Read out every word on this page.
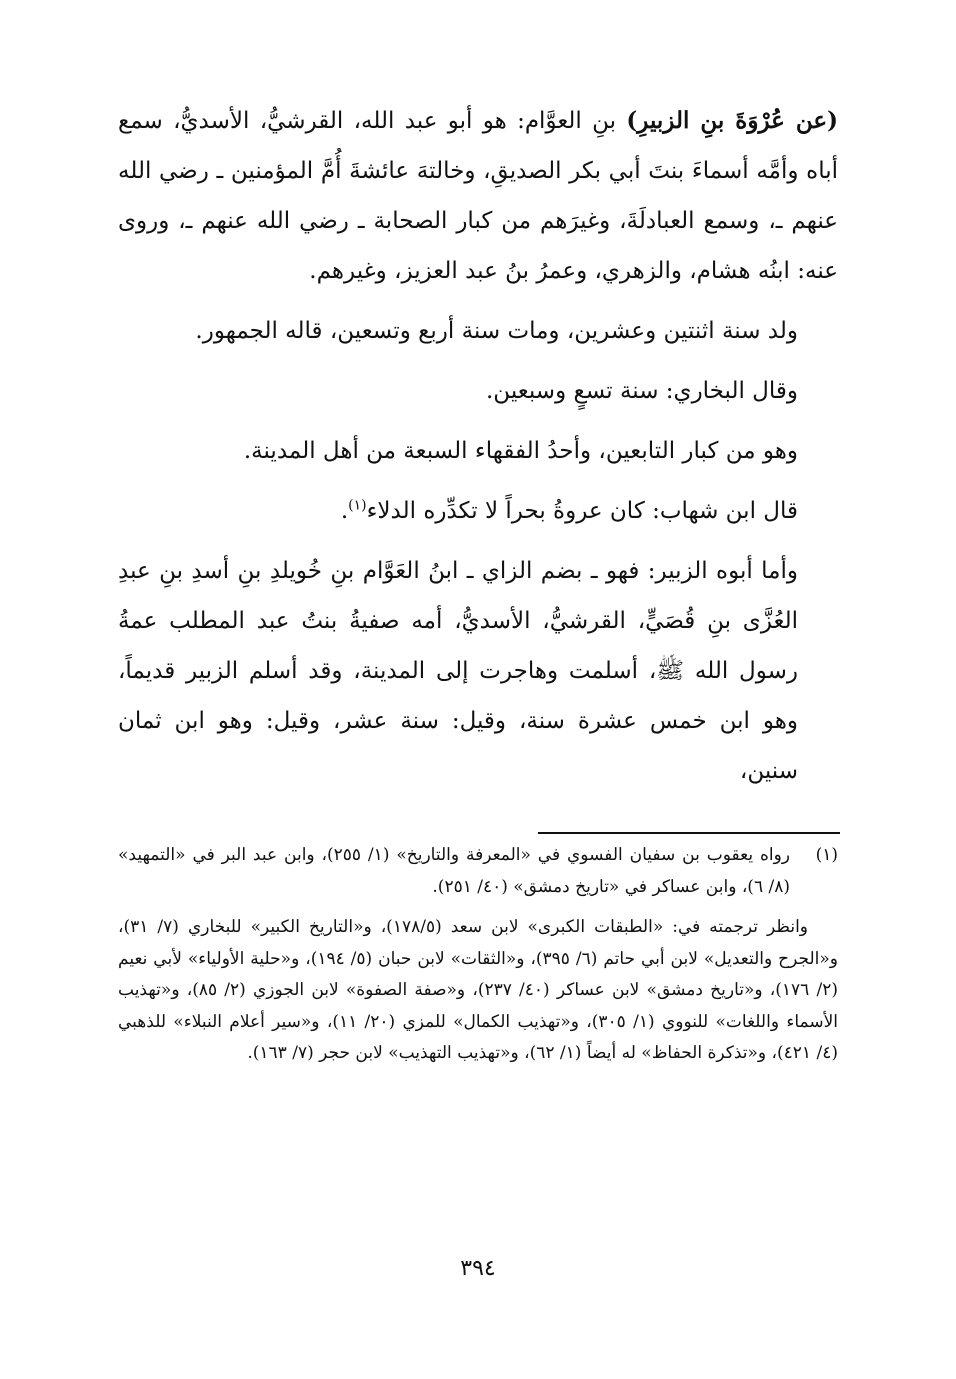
(عن عُرْوَةَ بنِ الزبيرِ) بنِ العوَّام: هو أبو عبد الله، القرشيُّ، الأسديُّ، سمع أباه وأمَّه أسماءَ بنتَ أبي بكر الصديقِ، وخالتهَ عائشةَ أُمَّ المؤمنين ـ رضي الله عنهم ـ، وسمع العبادلَةَ، وغيرَهم من كبار الصحابة ـ رضي الله عنهم ـ، وروى عنه: ابنُه هشام، والزهري، وعمرُ بنُ عبد العزيز، وغيرهم.

ولد سنة اثنتين وعشرين، ومات سنة أربع وتسعين، قاله الجمهور.

وقال البخاري: سنة تسعٍ وسبعين.

وهو من كبار التابعين، وأحدُ الفقهاء السبعة من أهل المدينة.

قال ابن شهاب: كان عروةُ بحراً لا تكدِّره الدلاء$^{(١)}$.

وأما أبوه الزبير: فهو ـ بضم الزاي ـ ابنُ العَوَّام بنِ خُويلدِ بنِ أسدِ بنِ عبدِ العُزَّى بنِ قُصَيٍّ، القرشيُّ، الأسديُّ، أمه صفيةُ بنتُ عبد المطلب عمةُ رسول الله ﷺ، أسلمت وهاجرت إلى المدينة، وقد أسلم الزبير قديماً، وهو ابن خمس عشرة سنة، وقيل: سنة عشر، وقيل: وهو ابن ثمان سنين،

(١)
رواه يعقوب بن سفيان الفسوي في «المعرفة والتاريخ» (١/ ٢٥٥)، وابن عبد البر في «التمهيد» (٨/ ٦)، وابن عساكر في «تاريخ دمشق» (٤٠/ ٢٥١).

وانظر ترجمته في: «الطبقات الكبرى» لابن سعد (١٧٨/٥)، و«التاريخ الكبير» للبخاري (٧/ ٣١)، و«الجرح والتعديل» لابن أبي حاتم (٦/ ٣٩٥)، و«الثقات» لابن حبان (٥/ ١٩٤)، و«حلية الأولياء» لأبي نعيم (٢/ ١٧٦)، و«تاريخ دمشق» لابن عساكر (٤٠/ ٢٣٧)، و«صفة الصفوة» لابن الجوزي (٢/ ٨٥)، و«تهذيب الأسماء واللغات» للنووي (١/ ٣٠٥)، و«تهذيب الكمال» للمزي (٢٠/ ١١)، و«سير أعلام النبلاء» للذهبي (٤/ ٤٢١)، و«تذكرة الحفاظ» له أيضاً (١/ ٦٢)، و«تهذيب التهذيب» لابن حجر (٧/ ١٦٣).

٣٩٤
